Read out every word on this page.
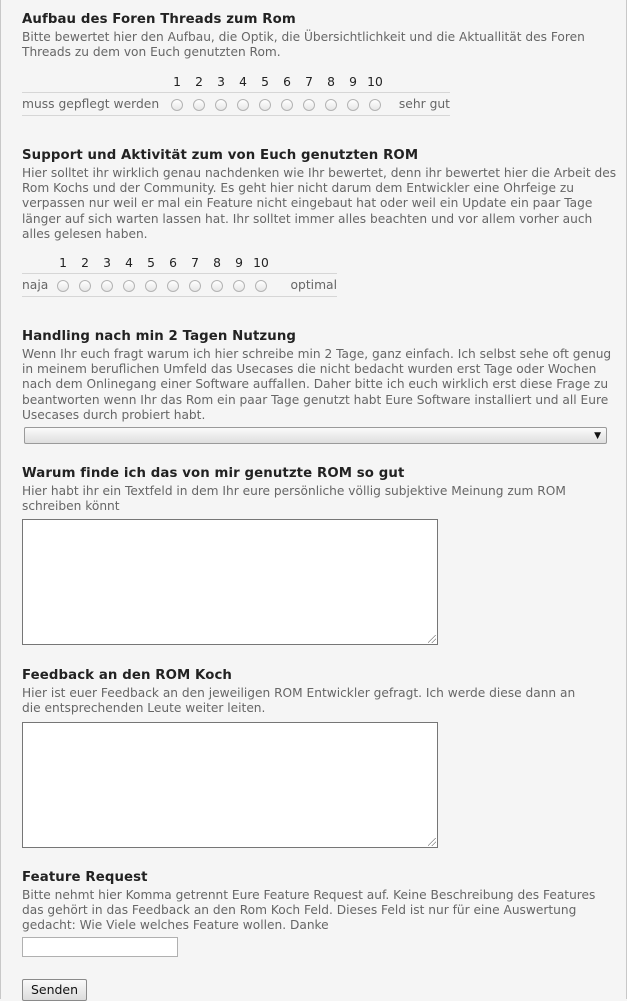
Aufbau des Foren Threads zum Rom
Bitte bewertet hier den Aufbau, die Optik, die Übersichtlichkeit und die Aktuallität des Foren Threads zu dem von Euch genutzten Rom.
	1	2	3	4	5	6	7	8	9	10	
muss gepflegt werden											sehr gut
Support und Aktivität zum von Euch genutzten ROM
Hier solltet ihr wirklich genau nachdenken wie Ihr bewertet, denn ihr bewertet hier die Arbeit des Rom Kochs und der Community. Es geht hier nicht darum dem Entwickler eine Ohrfeige zu verpassen nur weil er mal ein Feature nicht eingebaut hat oder weil ein Update ein paar Tage länger auf sich warten lassen hat. Ihr solltet immer alles beachten und vor allem vorher auch alles gelesen haben.
	1	2	3	4	5	6	7	8	9	10	
naja											optimal
Handling nach min 2 Tagen Nutzung
Wenn Ihr euch fragt warum ich hier schreibe min 2 Tage, ganz einfach. Ich selbst sehe oft genug in meinem beruflichen Umfeld das Usecases die nicht bedacht wurden erst Tage oder Wochen nach dem Onlinegang einer Software auffallen. Daher bitte ich euch wirklich erst diese Frage zu beantworten wenn Ihr das Rom ein paar Tage genutzt habt Eure Software installiert und all Eure Usecases durch probiert habt.
▼
Warum finde ich das von mir genutzte ROM so gut
Hier habt ihr ein Textfeld in dem Ihr eure persönliche völlig subjektive Meinung zum ROM schreiben könnt
Feedback an den ROM Koch
Hier ist euer Feedback an den jeweiligen ROM Entwickler gefragt. Ich werde diese dann an die entsprechenden Leute weiter leiten.
Feature Request
Bitte nehmt hier Komma getrennt Eure Feature Request auf. Keine Beschreibung des Features das gehört in das Feedback an den Rom Koch Feld. Dieses Feld ist nur für eine Auswertung gedacht: Wie Viele welches Feature wollen. Danke
Senden
